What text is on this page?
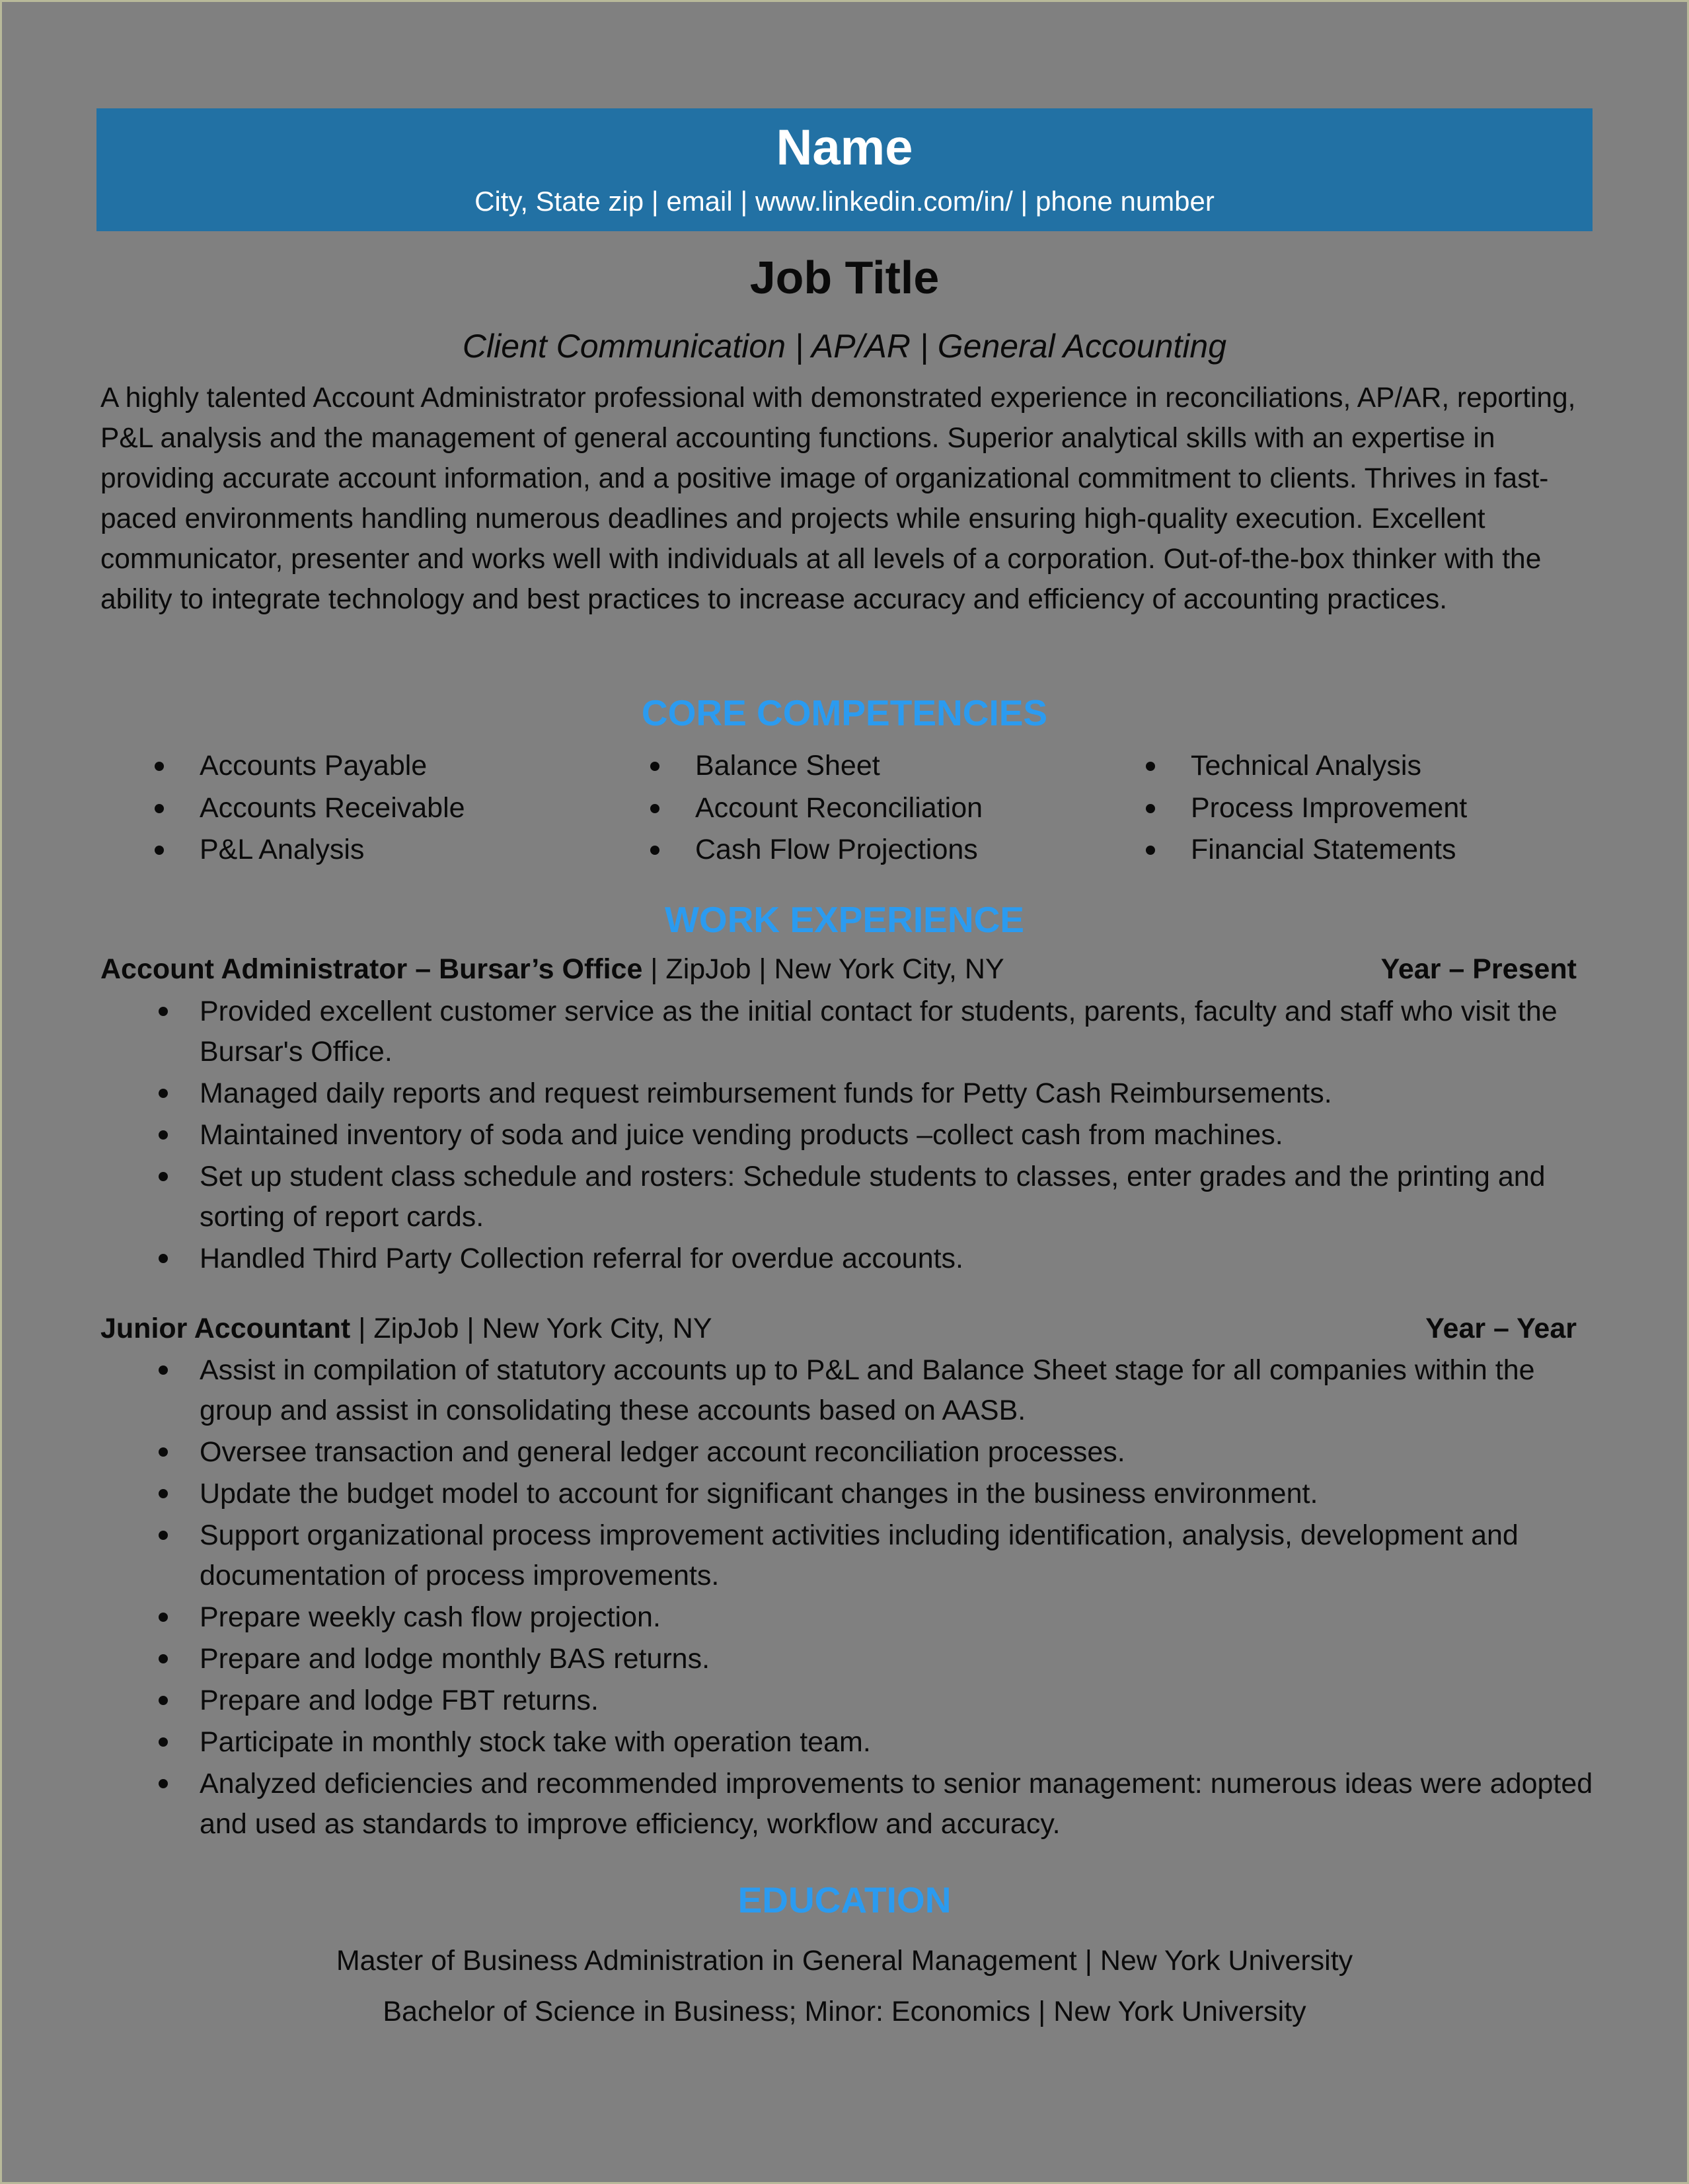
Name
City, State zip | email | www.linkedin.com/in/ | phone number
Job Title
Client Communication | AP/AR | General Accounting
A highly talented Account Administrator professional with demonstrated experience in reconciliations, AP/AR, reporting, P&L analysis and the management of general accounting functions. Superior analytical skills with an expertise in providing accurate account information, and a positive image of organizational commitment to clients. Thrives in fast-paced environments handling numerous deadlines and projects while ensuring high-quality execution. Excellent communicator, presenter and works well with individuals at all levels of a corporation. Out-of-the-box thinker with the ability to integrate technology and best practices to increase accuracy and efficiency of accounting practices.
CORE COMPETENCIES
Accounts Payable
Accounts Receivable
P&L Analysis
Balance Sheet
Account Reconciliation
Cash Flow Projections
Technical Analysis
Process Improvement
Financial Statements
WORK EXPERIENCE
Account Administrator – Bursar’s Office | ZipJob | New York City, NY	Year – Present
Provided excellent customer service as the initial contact for students, parents, faculty and staff who visit the Bursar's Office.
Managed daily reports and request reimbursement funds for Petty Cash Reimbursements.
Maintained inventory of soda and juice vending products –collect cash from machines.
Set up student class schedule and rosters: Schedule students to classes, enter grades and the printing and sorting of report cards.
Handled Third Party Collection referral for overdue accounts.
Junior Accountant | ZipJob | New York City, NY	Year – Year
Assist in compilation of statutory accounts up to P&L and Balance Sheet stage for all companies within the group and assist in consolidating these accounts based on AASB.
Oversee transaction and general ledger account reconciliation processes.
Update the budget model to account for significant changes in the business environment.
Support organizational process improvement activities including identification, analysis, development and documentation of process improvements.
Prepare weekly cash flow projection.
Prepare and lodge monthly BAS returns.
Prepare and lodge FBT returns.
Participate in monthly stock take with operation team.
Analyzed deficiencies and recommended improvements to senior management: numerous ideas were adopted and used as standards to improve efficiency, workflow and accuracy.
EDUCATION
Master of Business Administration in General Management | New York University
Bachelor of Science in Business; Minor: Economics | New York University
